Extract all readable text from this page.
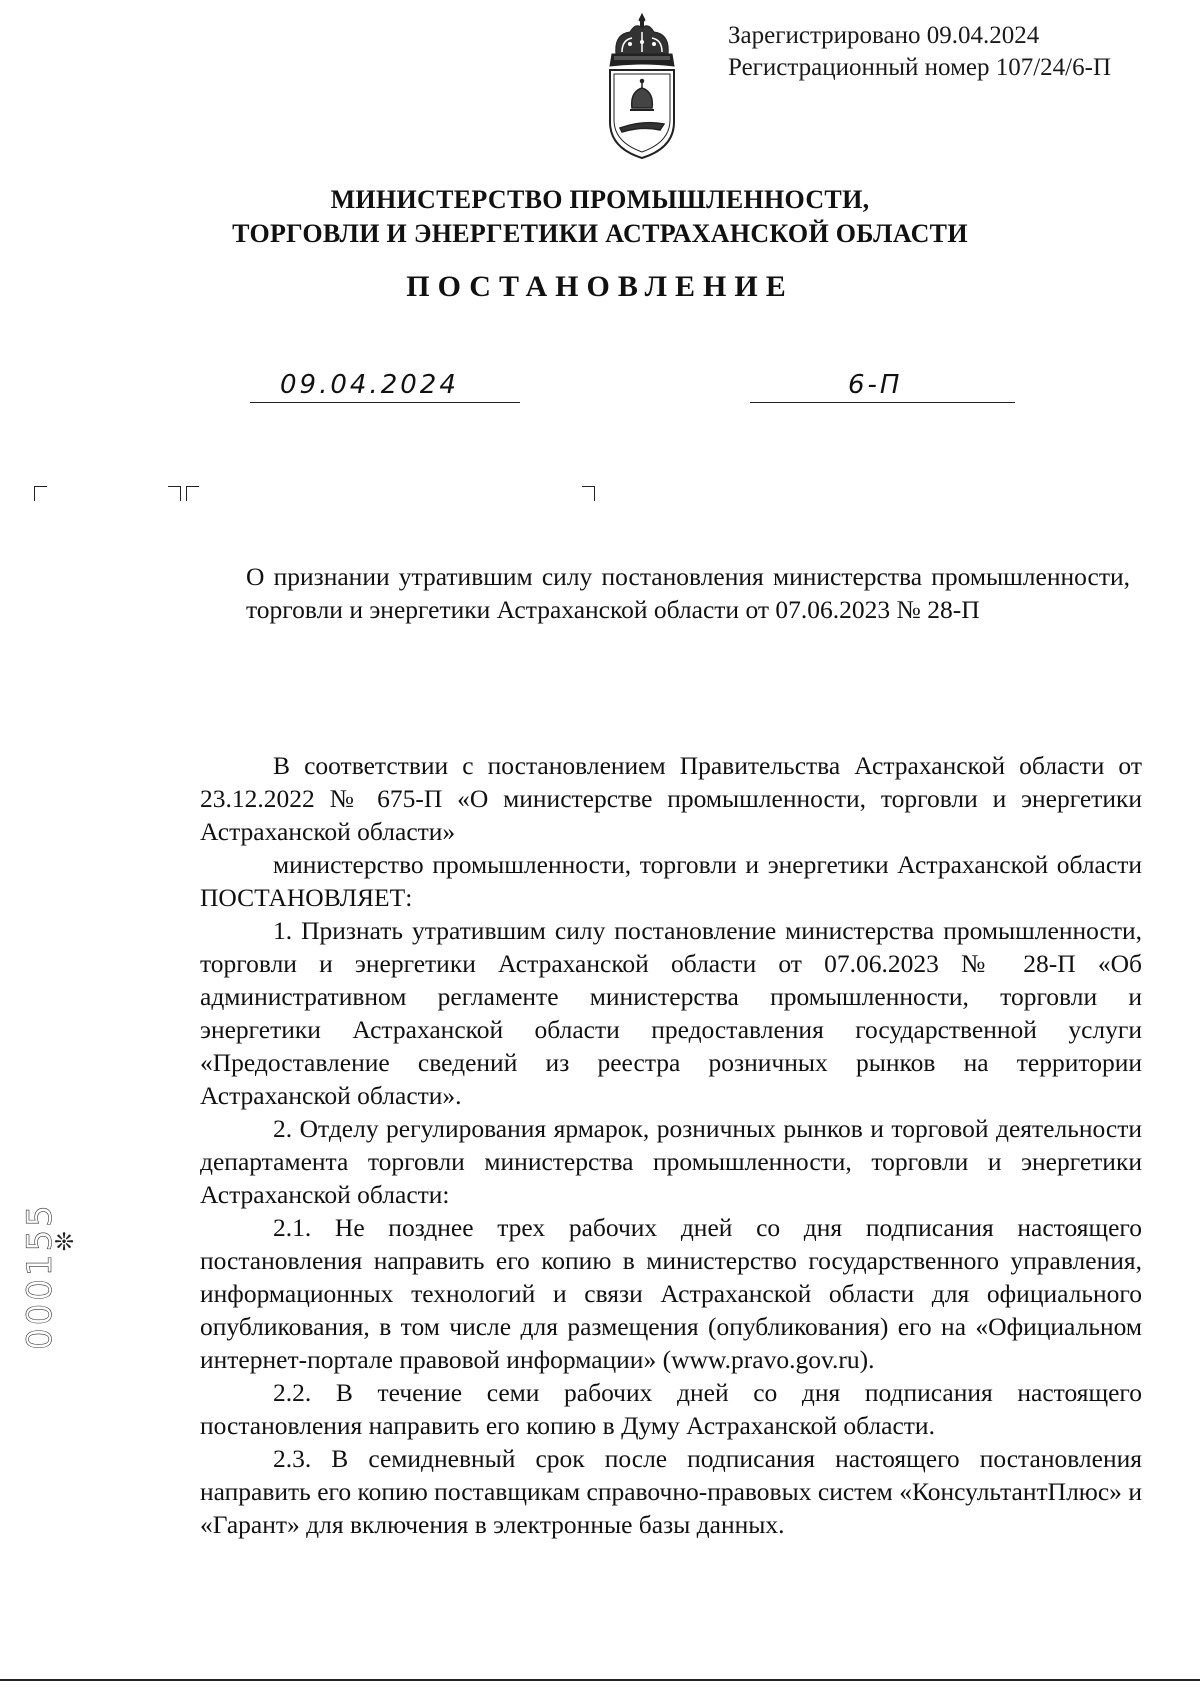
Зарегистрировано 09.04.2024
Регистрационный номер 107/24/6-П
МИНИСТЕРСТВО ПРОМЫШЛЕННОСТИ,
ТОРГОВЛИ И ЭНЕРГЕТИКИ АСТРАХАНСКОЙ ОБЛАСТИ
ПОСТАНОВЛЕНИЕ
09.04.2024	6-П
О признании утратившим силу постановления министерства промышленности, торговли и энергетики Астраханской области от 07.06.2023 № 28-П

В соответствии с постановлением Правительства Астраханской области от 23.12.2022 № 675-П «О министерстве промышленности, торговли и энергетики Астраханской области»

министерство промышленности, торговли и энергетики Астраханской области ПОСТАНОВЛЯЕТ:

1. Признать утратившим силу постановление министерства промышленности, торговли и энергетики Астраханской области от 07.06.2023 № 28-П «Об административном регламенте министерства промышленности, торговли и энергетики Астраханской области предоставления государственной услуги «Предоставление сведений из реестра розничных рынков на территории Астраханской области».

2. Отделу регулирования ярмарок, розничных рынков и торговой деятельности департамента торговли министерства промышленности, торговли и энергетики Астраханской области:

2.1. Не позднее трех рабочих дней со дня подписания настоящего постановления направить его копию в министерство государственного управления, информационных технологий и связи Астраханской области для официального опубликования, в том числе для размещения (опубликования) его на «Официальном интернет-портале правовой информации» (www.pravo.gov.ru).

2.2. В течение семи рабочих дней со дня подписания настоящего постановления направить его копию в Думу Астраханской области.

2.3. В семидневный срок после подписания настоящего постановления направить его копию поставщикам справочно-правовых систем «КонсультантПлюс» и «Гарант» для включения в электронные базы данных.

❊
000155
